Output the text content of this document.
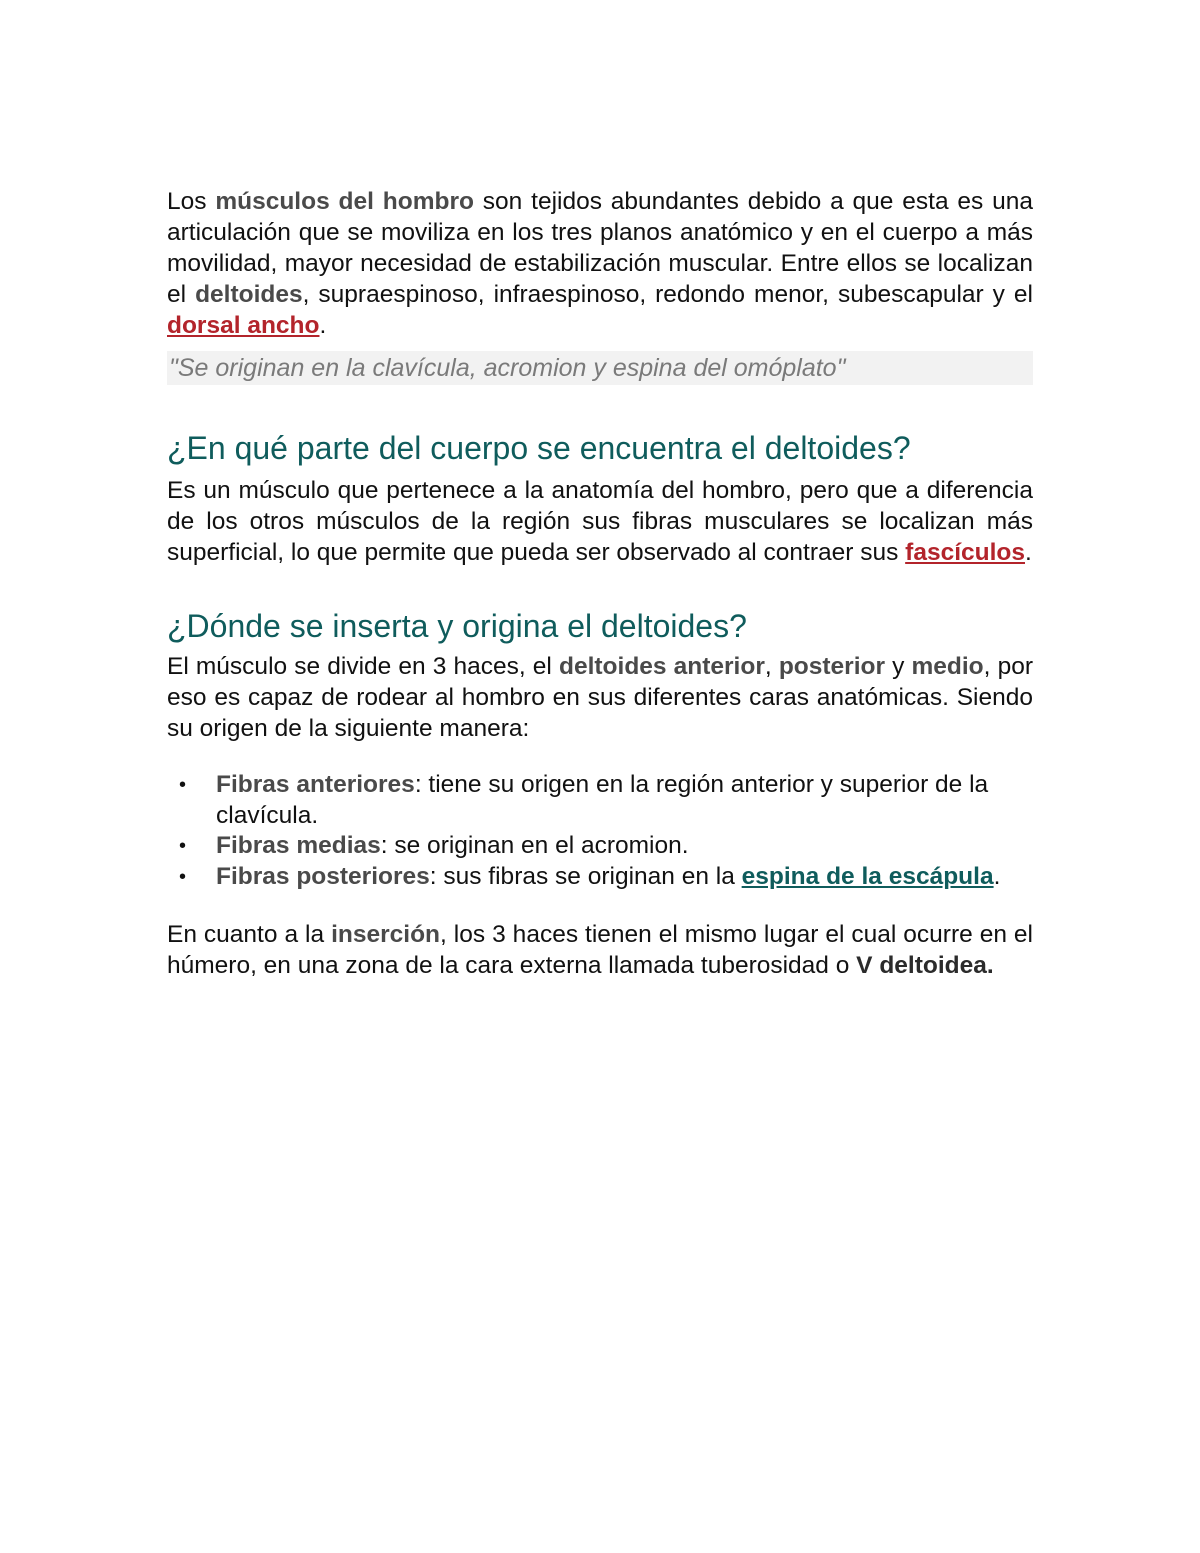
Los músculos del hombro son tejidos abundantes debido a que esta es una articulación que se moviliza en los tres planos anatómico y en el cuerpo a más movilidad, mayor necesidad de estabilización muscular. Entre ellos se localizan el deltoides, supraespinoso, infraespinoso, redondo menor, subescapular y el dorsal ancho.

"Se originan en la clavícula, acromion y espina del omóplato"
¿En qué parte del cuerpo se encuentra el deltoides?

Es un músculo que pertenece a la anatomía del hombro, pero que a diferencia de los otros músculos de la región sus fibras musculares se localizan más superficial, lo que permite que pueda ser observado al contraer sus fascículos.

¿Dónde se inserta y origina el deltoides?

El músculo se divide en 3 haces, el deltoides anterior, posterior y medio, por eso es capaz de rodear al hombro en sus diferentes caras anatómicas. Siendo su origen de la siguiente manera:

• Fibras anteriores: tiene su origen en la región anterior y superior de la clavícula.
• Fibras medias: se originan en el acromion.
• Fibras posteriores: sus fibras se originan en la espina de la escápula.

En cuanto a la inserción, los 3 haces tienen el mismo lugar el cual ocurre en el húmero, en una zona de la cara externa llamada tuberosidad o V deltoidea.
